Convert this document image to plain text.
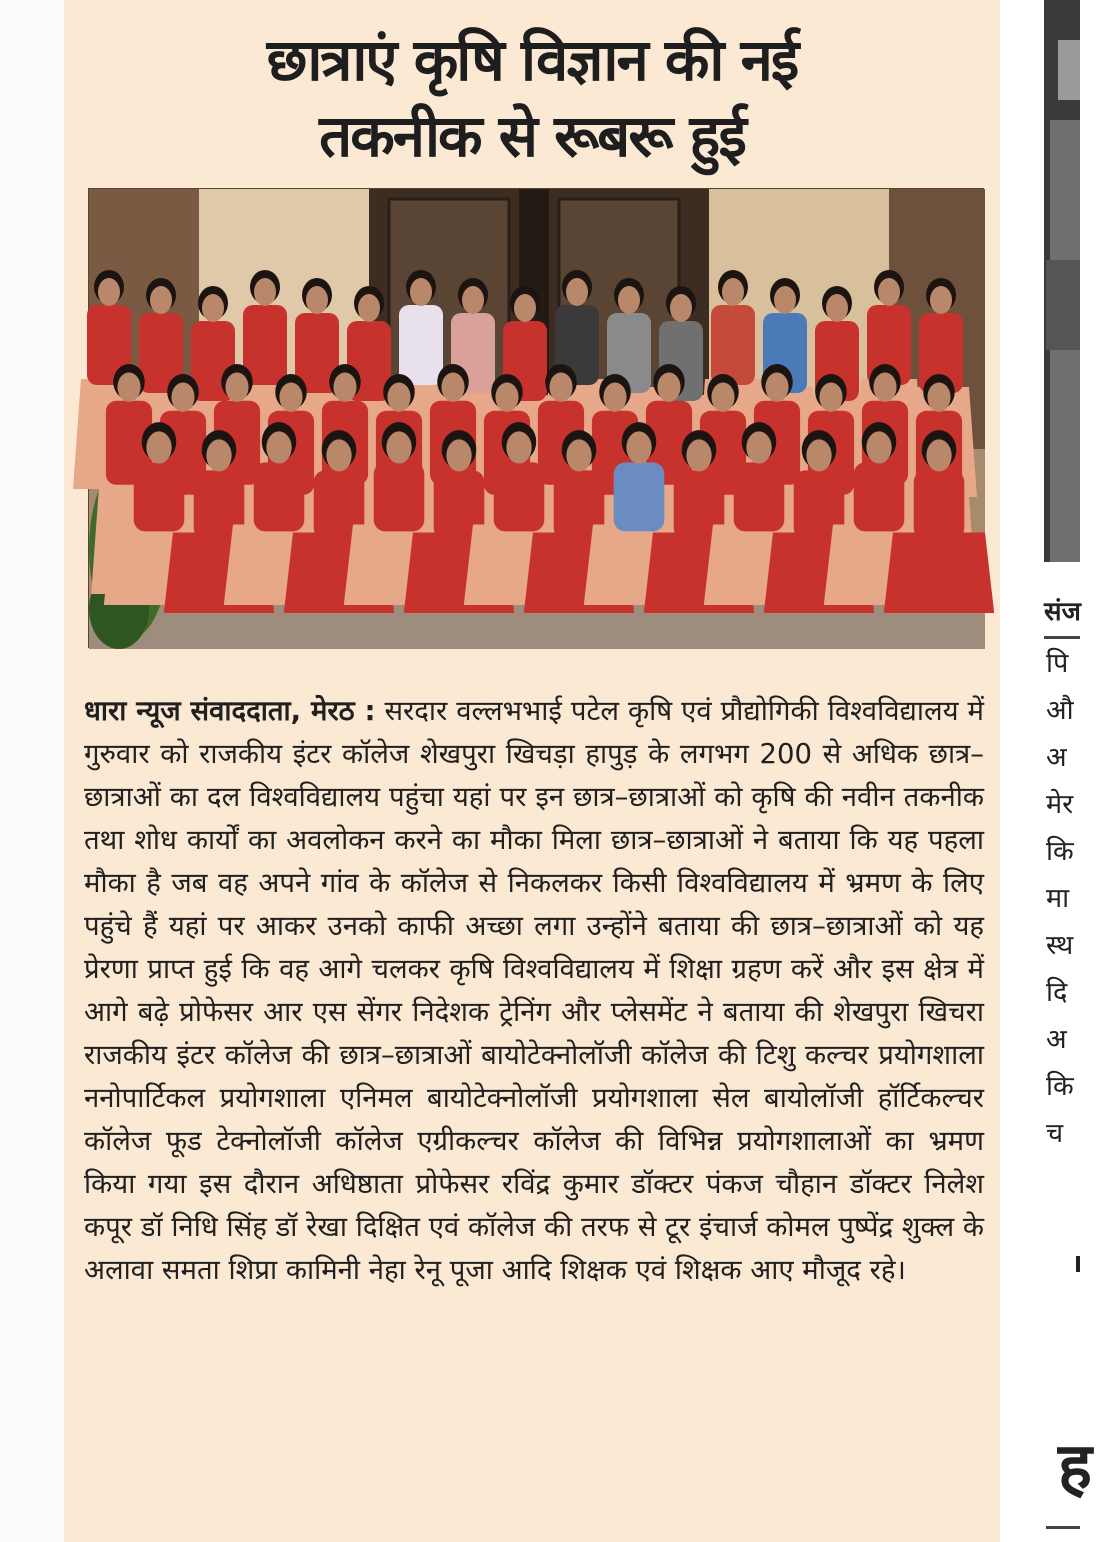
छात्राएं कृषि विज्ञान की नई
तकनीक से रूबरू हुई
धारा न्यूज संवाददाता, मेरठ : सरदार वल्लभभाई पटेल कृषि एवं प्रौद्योगिकी विश्वविद्यालय में गुरुवार को राजकीय इंटर कॉलेज शेखपुरा खिचड़ा हापुड़ के लगभग 200 से अधिक छात्र–छात्राओं का दल विश्वविद्यालय पहुंचा यहां पर इन छात्र–छात्राओं को कृषि की नवीन तकनीक तथा शोध कार्यों का अवलोकन करने का मौका मिला छात्र–छात्राओं ने बताया कि यह पहला मौका है जब वह अपने गांव के कॉलेज से निकलकर किसी विश्वविद्यालय में भ्रमण के लिए पहुंचे हैं यहां पर आकर उनको काफी अच्छा लगा उन्होंने बताया की छात्र–छात्राओं को यह प्रेरणा प्राप्त हुई कि वह आगे चलकर कृषि विश्वविद्यालय में शिक्षा ग्रहण करें और इस क्षेत्र में आगे बढ़े प्रोफेसर आर एस सेंगर निदेशक ट्रेनिंग और प्लेसमेंट ने बताया की शेखपुरा खिचरा राजकीय इंटर कॉलेज की छात्र–छात्राओं बायोटेक्नोलॉजी कॉलेज की टिशु कल्चर प्रयोगशाला ननोपार्टिकल प्रयोगशाला एनिमल बायोटेक्नोलॉजी प्रयोगशाला सेल बायोलॉजी हॉर्टिकल्चर कॉलेज फूड टेक्नोलॉजी कॉलेज एग्रीकल्चर कॉलेज की विभिन्न प्रयोगशालाओं का भ्रमण किया गया इस दौरान अधिष्ठाता प्रोफेसर रविंद्र कुमार डॉक्टर पंकज चौहान डॉक्टर निलेश कपूर डॉ निधि सिंह डॉ रेखा दिक्षित एवं कॉलेज की तरफ से टूर इंचार्ज कोमल पुष्पेंद्र शुक्ल के अलावा समता शिप्रा कामिनी नेहा रेनू पूजा आदि शिक्षक एवं शिक्षक आए मौजूद रहे।
संज
पि
औ
अ
मेर
कि
मा
स्थ
दि
अ
कि
च
ह
